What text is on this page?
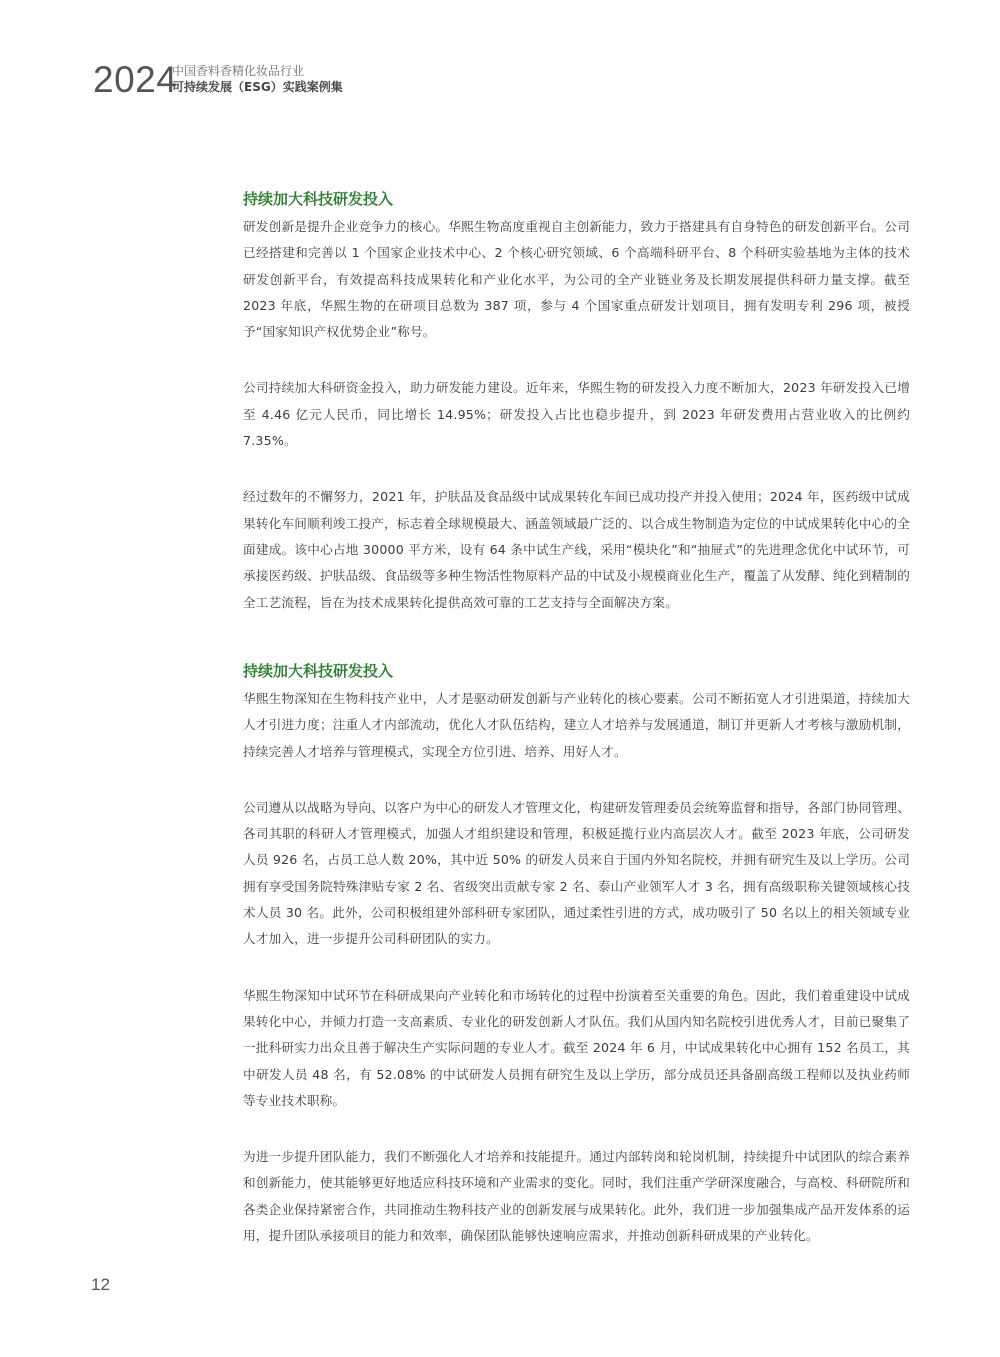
2024
中国香料香精化妆品行业
可持续发展（ESG）实践案例集
持续加大科技研发投入

研发创新是提升企业竞争力的核心。华熙生物高度重视自主创新能力，致力于搭建具有自身特色的研发创新平台。公司已经搭建和完善以 1 个国家企业技术中心、2 个核心研究领域、6 个高端科研平台、8 个科研实验基地为主体的技术研发创新平台，有效提高科技成果转化和产业化水平，为公司的全产业链业务及长期发展提供科研力量支撑。截至 2023 年底，华熙生物的在研项目总数为 387 项，参与 4 个国家重点研发计划项目，拥有发明专利 296 项，被授予“国家知识产权优势企业”称号。

公司持续加大科研资金投入，助力研发能力建设。近年来，华熙生物的研发投入力度不断加大，2023 年研发投入已增至 4.46 亿元人民币，同比增长 14.95%；研发投入占比也稳步提升，到 2023 年研发费用占营业收入的比例约 7.35%。

经过数年的不懈努力，2021 年，护肤品及食品级中试成果转化车间已成功投产并投入使用；2024 年，医药级中试成果转化车间顺利竣工投产，标志着全球规模最大、涵盖领域最广泛的、以合成生物制造为定位的中试成果转化中心的全面建成。该中心占地 30000 平方米，设有 64 条中试生产线，采用“模块化”和“抽屉式”的先进理念优化中试环节，可承接医药级、护肤品级、食品级等多种生物活性物原料产品的中试及小规模商业化生产，覆盖了从发酵、纯化到精制的全工艺流程，旨在为技术成果转化提供高效可靠的工艺支持与全面解决方案。

持续加大科技研发投入

华熙生物深知在生物科技产业中，人才是驱动研发创新与产业转化的核心要素。公司不断拓宽人才引进渠道，持续加大人才引进力度；注重人才内部流动，优化人才队伍结构，建立人才培养与发展通道，制订并更新人才考核与激励机制，持续完善人才培养与管理模式，实现全方位引进、培养、用好人才。

公司遵从以战略为导向、以客户为中心的研发人才管理文化，构建研发管理委员会统筹监督和指导，各部门协同管理、各司其职的科研人才管理模式，加强人才组织建设和管理，积极延揽行业内高层次人才。截至 2023 年底，公司研发人员 926 名，占员工总人数 20%，其中近 50% 的研发人员来自于国内外知名院校，并拥有研究生及以上学历。公司拥有享受国务院特殊津贴专家 2 名、省级突出贡献专家 2 名、泰山产业领军人才 3 名，拥有高级职称关键领域核心技术人员 30 名。此外，公司积极组建外部科研专家团队，通过柔性引进的方式，成功吸引了 50 名以上的相关领域专业人才加入，进一步提升公司科研团队的实力。

华熙生物深知中试环节在科研成果向产业转化和市场转化的过程中扮演着至关重要的角色。因此，我们着重建设中试成果转化中心，并倾力打造一支高素质、专业化的研发创新人才队伍。我们从国内知名院校引进优秀人才，目前已聚集了一批科研实力出众且善于解决生产实际问题的专业人才。截至 2024 年 6 月，中试成果转化中心拥有 152 名员工，其中研发人员 48 名，有 52.08% 的中试研发人员拥有研究生及以上学历，部分成员还具备副高级工程师以及执业药师等专业技术职称。

为进一步提升团队能力，我们不断强化人才培养和技能提升。通过内部转岗和轮岗机制，持续提升中试团队的综合素养和创新能力，使其能够更好地适应科技环境和产业需求的变化。同时，我们注重产学研深度融合，与高校、科研院所和各类企业保持紧密合作，共同推动生物科技产业的创新发展与成果转化。此外，我们进一步加强集成产品开发体系的运用，提升团队承接项目的能力和效率，确保团队能够快速响应需求，并推动创新科研成果的产业转化。

12
